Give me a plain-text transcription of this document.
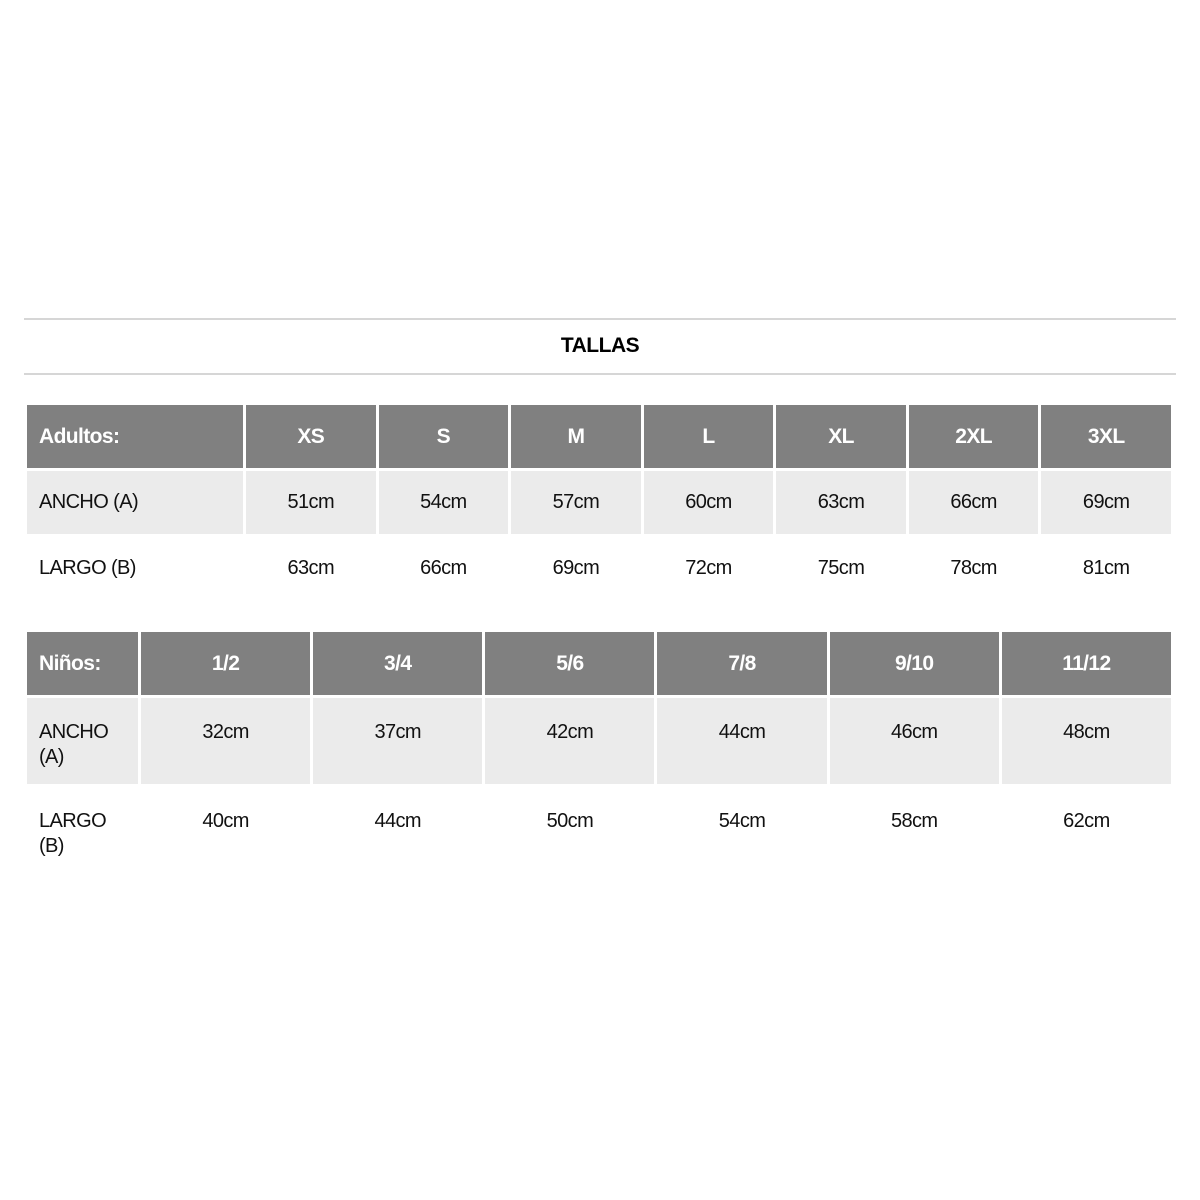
TALLAS
Adultos:	XS	S	M	L	XL	2XL	3XL
ANCHO (A)	51cm	54cm	57cm	60cm	63cm	66cm	69cm
LARGO (B)	63cm	66cm	69cm	72cm	75cm	78cm	81cm
Niños:	1/2	3/4	5/6	7/8	9/10	11/12
ANCHO
(A)	32cm	37cm	42cm	44cm	46cm	48cm
LARGO
(B)	40cm	44cm	50cm	54cm	58cm	62cm
